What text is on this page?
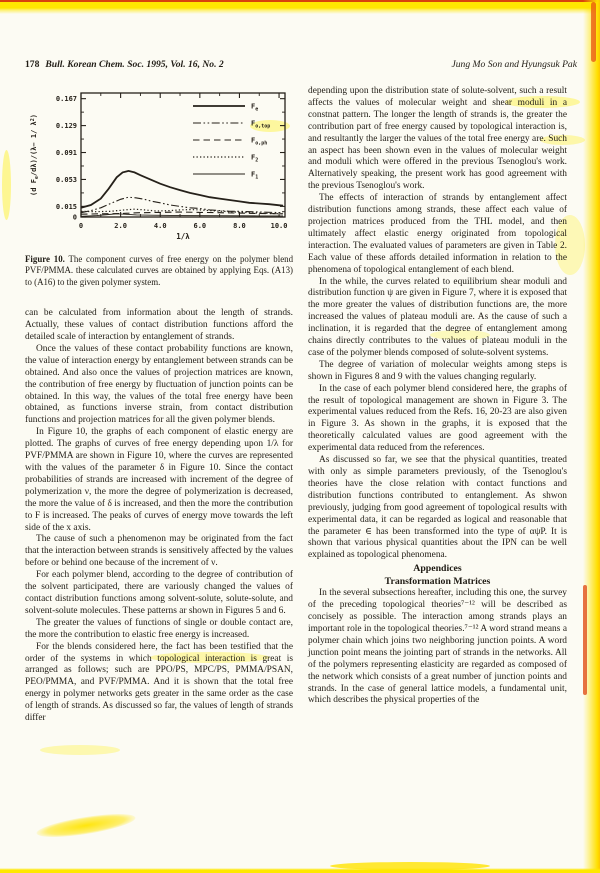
178 Bull. Korean Chem. Soc. 1995, Vol. 16, No. 2	Jung Mo Son and Hyungsuk Pak
0
0.015
0.053
0.091
0.129
0.167
0	2.0	4.0	6.0	8.0	10.0
1/λ
(d $F_e/d\lambda)/(\lambda- 1/$ $\lambda^2$)
$F_e$
$F_{o,top}$
$F_{o,ph}$
$F_2$
$F_1$
Figure 10. The component curves of free energy on the polymer blend PVF/PMMA. these calculated curves are obtained by applying Eqs. (A13) to (A16) to the given polymer system.

can be calculated from information about the length of strands. Actually, these values of contact distribution functions afford the detailed scale of interaction by entanglement of strands.

Once the values of these contact probability functions are known, the value of interaction energy by entanglement between strands can be obtained. And also once the values of projection matrices are known, the contribution of free energy by fluctuation of junction points can be obtained. In this way, the values of the total free energy have been obtained, as functions inverse strain, from contact distribution functions and projection matrices for all the given polymer blends.

In Figure 10, the graphs of each component of elastic energy are plotted. The graphs of curves of free energy depending upon 1/λ for PVF/PMMA are shown in Figure 10, where the curves are represented with the values of the parameter δ in Figure 10. Since the contact probabilities of strands are increased with increment of the degree of polymerization ν, the more the degree of polymerization is decreased, the more the value of δ is increased, and then the more the contribution to F is increased. The peaks of curves of energy move towards the left side of the x axis.

The cause of such a phenomenon may be originated from the fact that the interaction between strands is sensitively affected by the values before or behind one because of the increment of ν.

For each polymer blend, according to the degree of contribution of the solvent participated, there are variously changed the values of contact distribution functions among solvent-solute, solute-solute, and solvent-solute molecules. These patterns ar shown in Figures 5 and 6.

The greater the values of functions of single or double contact are, the more the contribution to elastic free energy is increased.

For the blends considered here, the fact has been testified that the order of the systems in which topological interaction is great is arranged as follows; such are PPO/PS, MPC/PS, PMMA/PSAN, PEO/PMMA, and PVF/PMMA. And it is shown that the total free energy in polymer networks gets greater in the same order as the case of length of strands. As discussed so far, the values of length of strands differ

depending upon the distribution state of solute-solvent, such a result affects the values of molecular weight and shear moduli in a constnat pattern. The longer the length of strands is, the greater the contribution part of free energy caused by topological interaction is, and resultantly the larger the values of the total free energy are. Such an aspect has been shown even in the values of molecular weight and moduli which were offered in the previous Tsenoglou's work. Alternatively speaking, the present work has good agreement with the previous Tsenoglou's work.

The effects of interaction of strands by entanglement affect distribution functions among strands, these affect each value of projection matrices produced from the THL model, and then ultimately affect elastic energy originated from topological interaction. The evaluated values of parameters are given in Table 2. Each value of these affords detailed information in relation to the phenomena of topological entanglement of each blend.

In the while, the curves related to equilibrium shear moduli and distribution function ψ are given in Figure 7, where it is exposed that the more greater the values of distribution functions are, the more increased the values of plateau moduli are. As the cause of such a inclination, it is regarded that the degree of entanglement among chains directly contributes to the values of plateau moduli in the case of the polymer blends composed of solute-solvent systems.

The degree of variation of molecular weights among steps is shown in Figures 8 and 9 with the values changing regularly.

In the case of each polymer blend considered here, the graphs of the result of topological management are shown in Figure 3. The experimental values reduced from the Refs. 16, 20-23 are also given in Figure 3. As shown in the graphs, it is exposed that the theoretically calculated values are good agreement with the experimental data reduced from the references.

As discussed so far, we see that the physical quantities, treated with only as simple parameters previously, of the Tsenoglou's theories have the close relation with contact functions and distribution functions contributed to entanglement. As shwon previously, judging from good agreement of topological results with experimental data, it can be regarded as logical and reasonable that the parameter ∈ has been transformed into the type of αψP. It is shown that various physical quantities about the IPN can be well explained as topological phenomena.

Appendices
Transformation Matrices

In the several subsections hereafter, including this one, the survey of the preceding topological theories⁷⁻¹² will be described as concisely as possible. The interaction among strands plays an important role in the topological theories.⁷⁻¹² A word strand means a polymer chain which joins two neighboring junction points. A word junction point means the jointing part of strands in the networks. All of the polymers representing elasticity are regarded as composed of the network which consists of a great number of junction points and strands. In the case of general lattice models, a fundamental unit, which describes the physical properties of the
